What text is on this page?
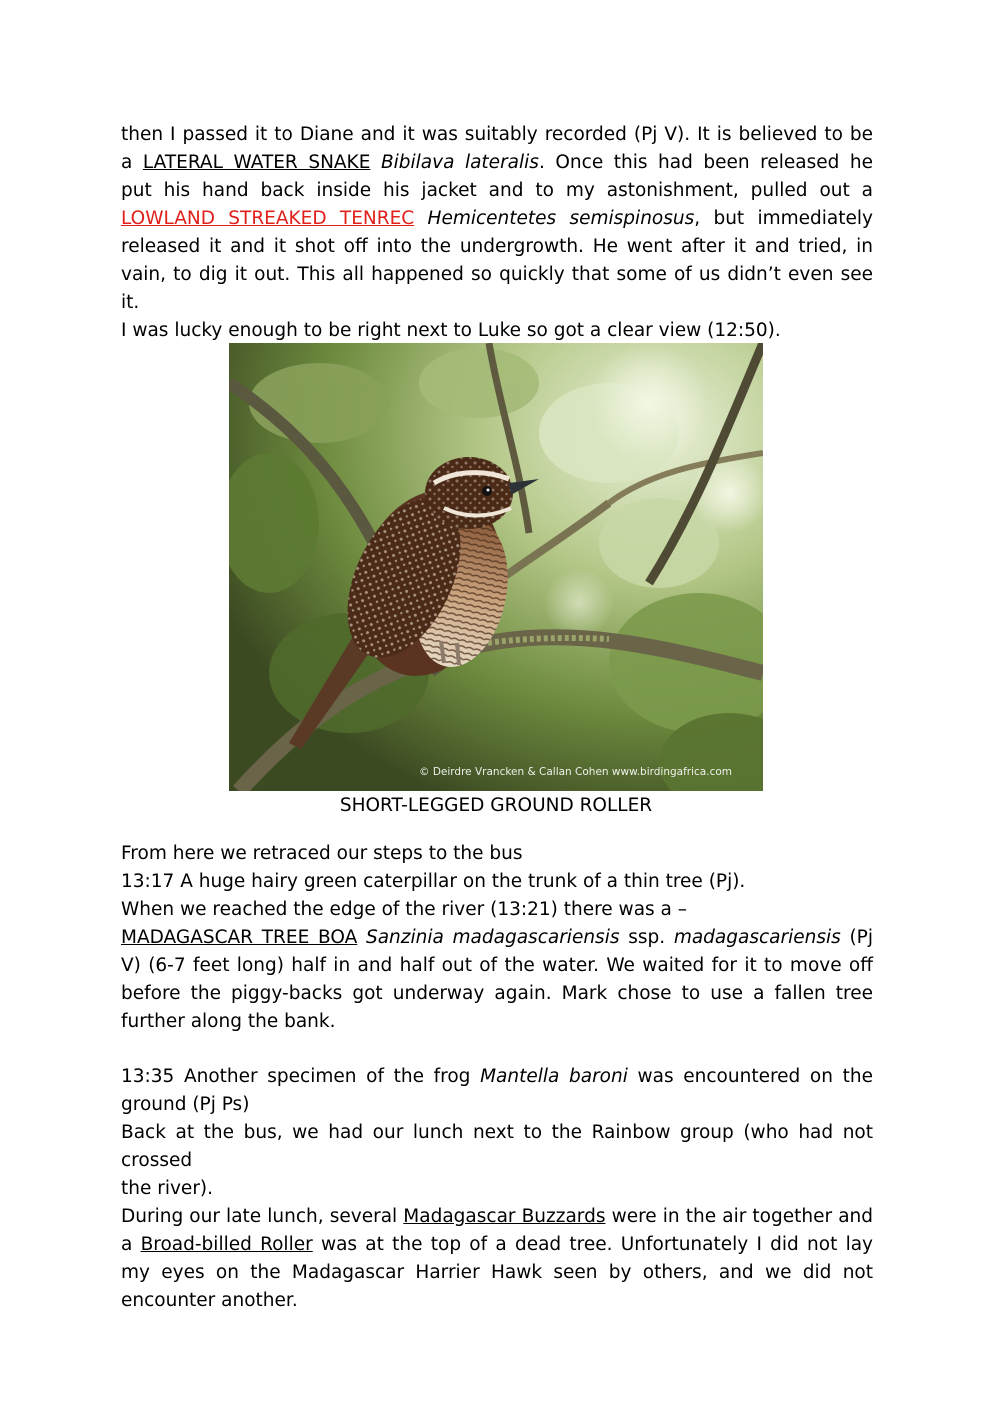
then I passed it to Diane and it was suitably recorded (Pj V). It is believed to be
a LATERAL WATER SNAKE Bibilava lateralis. Once this had been released he
put his hand back inside his jacket and to my astonishment, pulled out a
LOWLAND STREAKED TENREC Hemicentetes semispinosus, but immediately
released it and it shot off into the undergrowth. He went after it and tried, in
vain, to dig it out. This all happened so quickly that some of us didn’t even see it.
I was lucky enough to be right next to Luke so got a clear view (12:50).
© Deirdre Vrancken & Callan Cohen www.birdingafrica.com
SHORT-LEGGED GROUND ROLLER
From here we retraced our steps to the bus
13:17 A huge hairy green caterpillar on the trunk of a thin tree (Pj).
When we reached the edge of the river (13:21) there was a –
MADAGASCAR TREE BOA Sanzinia madagascariensis ssp. madagascariensis (Pj
V) (6-7 feet long) half in and half out of the water. We waited for it to move off
before the piggy-backs got underway again. Mark chose to use a fallen tree
further along the bank.
13:35 Another specimen of the frog Mantella baroni was encountered on the
ground (Pj Ps)
Back at the bus, we had our lunch next to the Rainbow group (who had not crossed
the river).
During our late lunch, several Madagascar Buzzards were in the air together and
a Broad-billed Roller was at the top of a dead tree. Unfortunately I did not lay
my eyes on the Madagascar Harrier Hawk seen by others, and we did not
encounter another.
